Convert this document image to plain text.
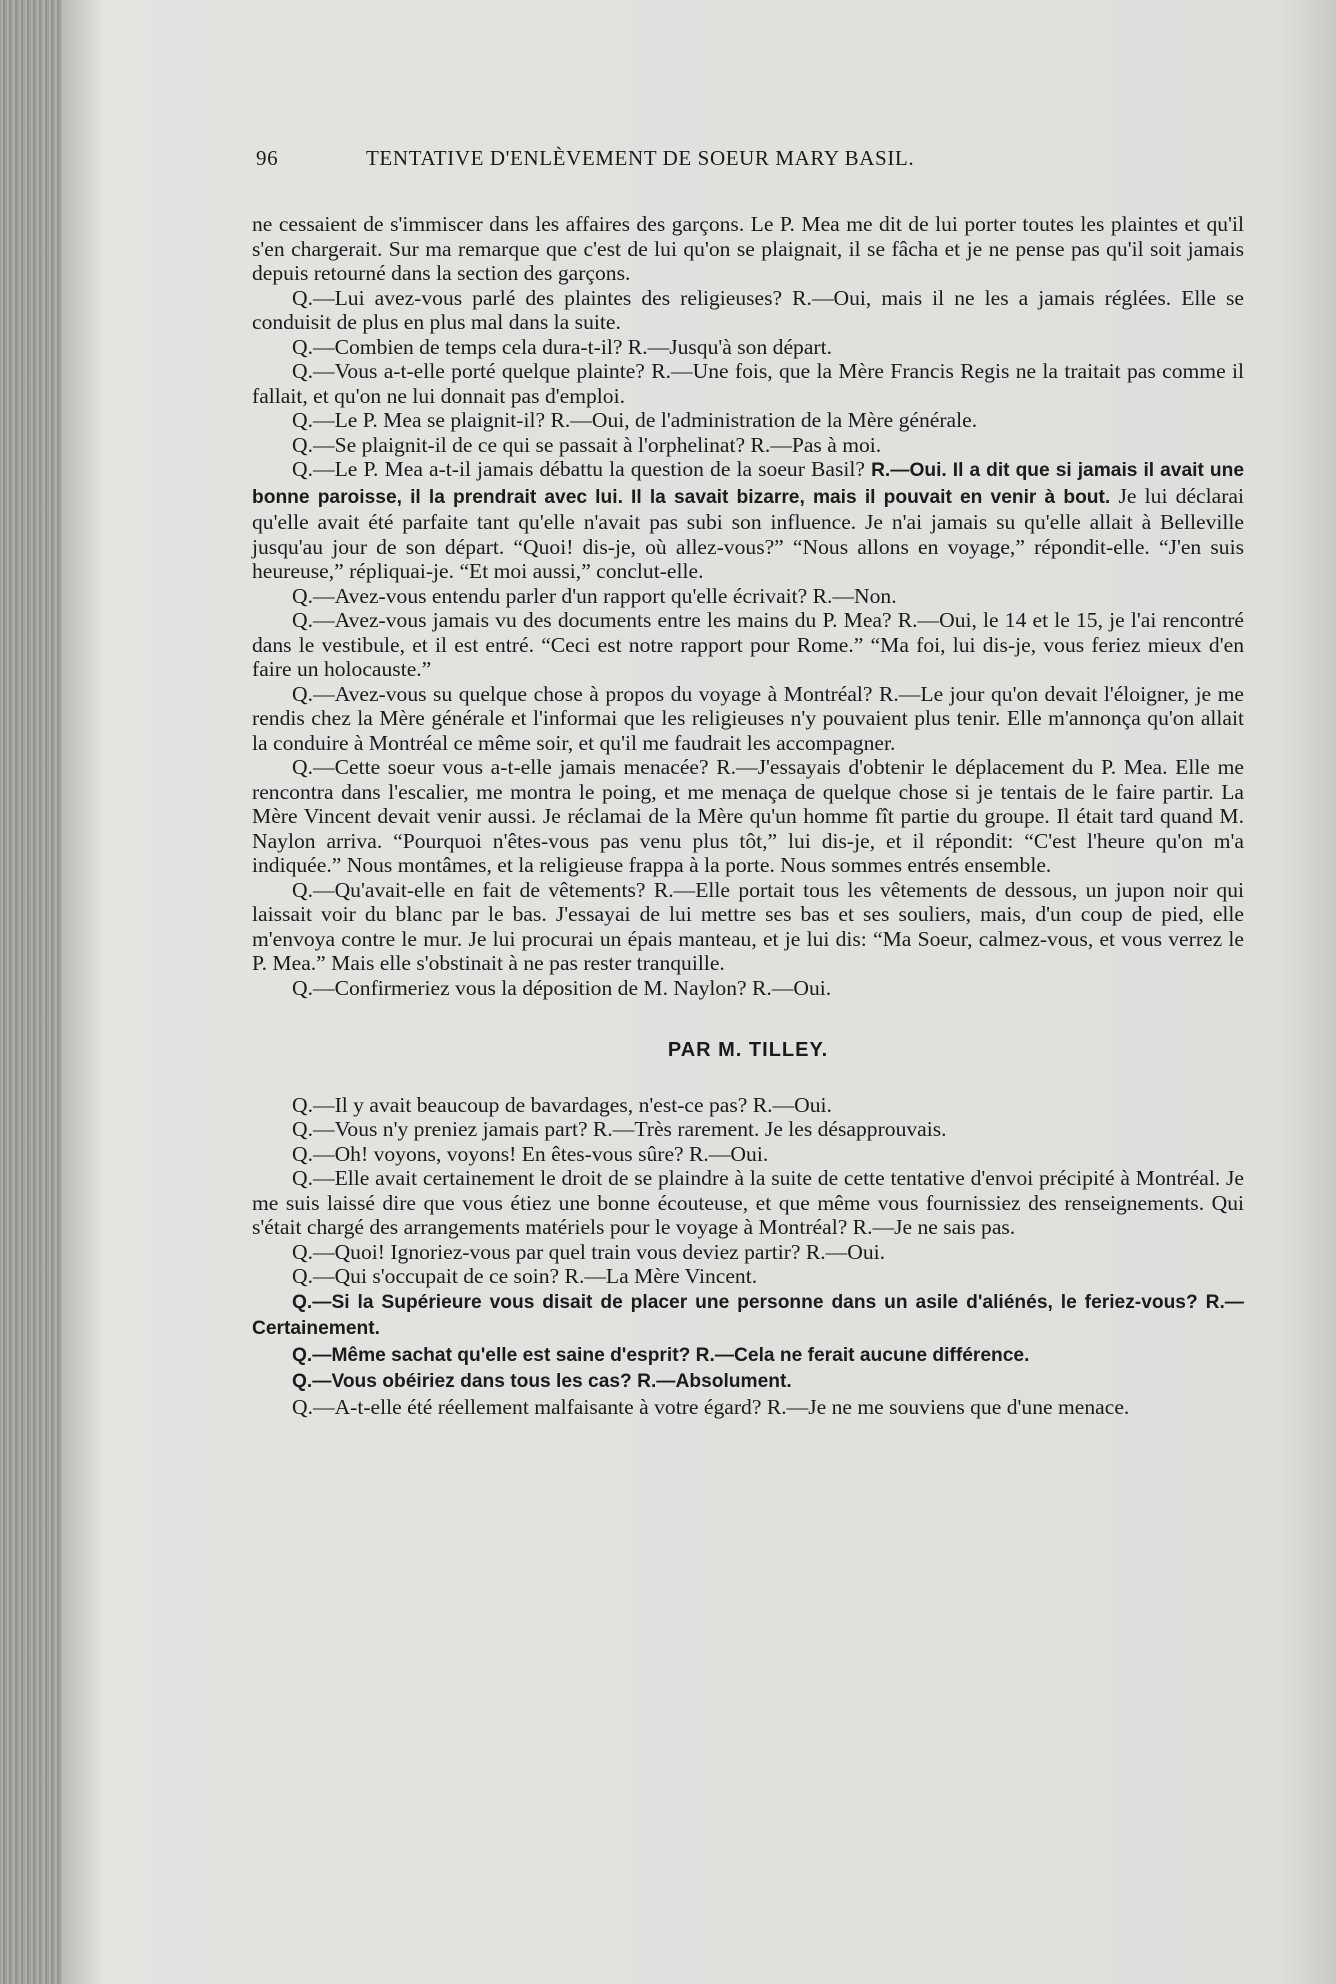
96	TENTATIVE D'ENLÈVEMENT DE SOEUR MARY BASIL.

ne cessaient de s'immiscer dans les affaires des garçons. Le P. Mea me dit de lui porter toutes les plaintes et qu'il s'en chargerait. Sur ma remarque que c'est de lui qu'on se plaignait, il se fâcha et je ne pense pas qu'il soit jamais depuis retourné dans la section des garçons.

Q.—Lui avez-vous parlé des plaintes des religieuses? R.—Oui, mais il ne les a jamais réglées. Elle se conduisit de plus en plus mal dans la suite.

Q.—Combien de temps cela dura-t-il? R.—Jusqu'à son départ.

Q.—Vous a-t-elle porté quelque plainte? R.—Une fois, que la Mère Francis Regis ne la traitait pas comme il fallait, et qu'on ne lui donnait pas d'emploi.

Q.—Le P. Mea se plaignit-il? R.—Oui, de l'administration de la Mère générale.

Q.—Se plaignit-il de ce qui se passait à l'orphelinat? R.—Pas à moi.

Q.—Le P. Mea a-t-il jamais débattu la question de la soeur Basil? R.—Oui. Il a dit que si jamais il avait une bonne paroisse, il la prendrait avec lui. Il la savait bizarre, mais il pouvait en venir à bout. Je lui déclarai qu'elle avait été parfaite tant qu'elle n'avait pas subi son influence. Je n'ai jamais su qu'elle allait à Belleville jusqu'au jour de son départ. “Quoi! dis-je, où allez-vous?” “Nous allons en voyage,” répondit-elle. “J'en suis heureuse,” répliquai-je. “Et moi aussi,” conclut-elle.

Q.—Avez-vous entendu parler d'un rapport qu'elle écrivait? R.—Non.

Q.—Avez-vous jamais vu des documents entre les mains du P. Mea? R.—Oui, le 14 et le 15, je l'ai rencontré dans le vestibule, et il est entré. “Ceci est notre rapport pour Rome.” “Ma foi, lui dis-je, vous feriez mieux d'en faire un holocauste.”

Q.—Avez-vous su quelque chose à propos du voyage à Montréal? R.—Le jour qu'on devait l'éloigner, je me rendis chez la Mère générale et l'informai que les religieuses n'y pouvaient plus tenir. Elle m'annonça qu'on allait la conduire à Montréal ce même soir, et qu'il me faudrait les accompagner.

Q.—Cette soeur vous a-t-elle jamais menacée? R.—J'essayais d'obtenir le déplacement du P. Mea. Elle me rencontra dans l'escalier, me montra le poing, et me menaça de quelque chose si je tentais de le faire partir. La Mère Vincent devait venir aussi. Je réclamai de la Mère qu'un homme fît partie du groupe. Il était tard quand M. Naylon arriva. “Pourquoi n'êtes-vous pas venu plus tôt,” lui dis-je, et il répondit: “C'est l'heure qu'on m'a indiquée.” Nous montâmes, et la religieuse frappa à la porte. Nous sommes entrés ensemble.

Q.—Qu'avait-elle en fait de vêtements? R.—Elle portait tous les vêtements de dessous, un jupon noir qui laissait voir du blanc par le bas. J'essayai de lui mettre ses bas et ses souliers, mais, d'un coup de pied, elle m'envoya contre le mur. Je lui procurai un épais manteau, et je lui dis: “Ma Soeur, calmez-vous, et vous verrez le P. Mea.” Mais elle s'obstinait à ne pas rester tranquille.

Q.—Confirmeriez vous la déposition de M. Naylon? R.—Oui.

PAR M. TILLEY.

Q.—Il y avait beaucoup de bavardages, n'est-ce pas? R.—Oui.

Q.—Vous n'y preniez jamais part? R.—Très rarement. Je les désapprouvais.

Q.—Oh! voyons, voyons! En êtes-vous sûre? R.—Oui.

Q.—Elle avait certainement le droit de se plaindre à la suite de cette tentative d'envoi précipité à Montréal. Je me suis laissé dire que vous étiez une bonne écouteuse, et que même vous fournissiez des renseignements. Qui s'était chargé des arrangements matériels pour le voyage à Montréal? R.—Je ne sais pas.

Q.—Quoi! Ignoriez-vous par quel train vous deviez partir? R.—Oui.

Q.—Qui s'occupait de ce soin? R.—La Mère Vincent.

Q.—Si la Supérieure vous disait de placer une personne dans un asile d'aliénés, le feriez-vous? R.—Certainement.

Q.—Même sachat qu'elle est saine d'esprit? R.—Cela ne ferait aucune différence.

Q.—Vous obéiriez dans tous les cas? R.—Absolument.

Q.—A-t-elle été réellement malfaisante à votre égard? R.—Je ne me souviens que d'une menace.
